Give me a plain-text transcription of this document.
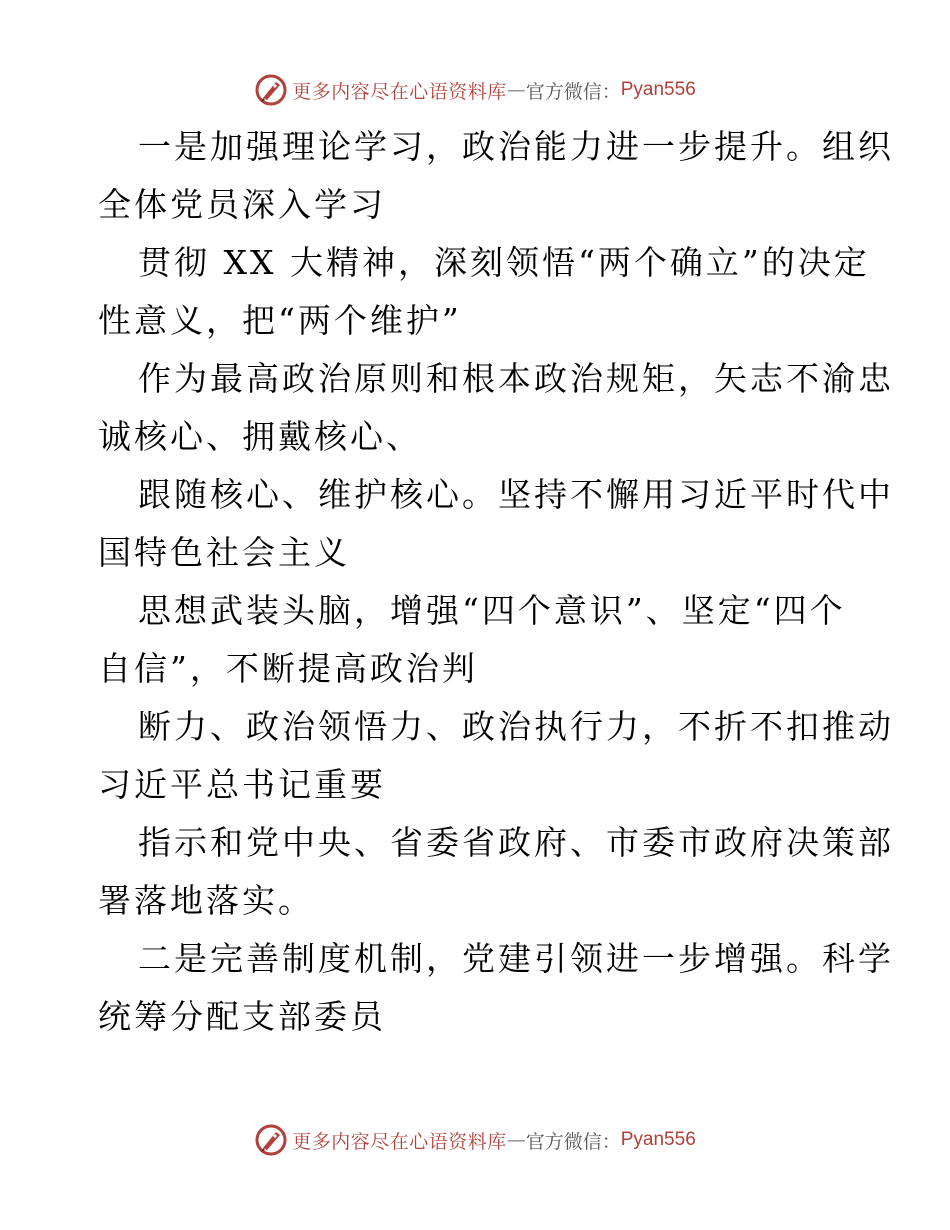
更多内容尽在心语资料库 — 官方微信： Pyan556
一是加强理论学习，政治能力进一步提升。组织
全体党员深入学习
贯彻 XX 大精神，深刻领悟“两个确立”的决定
性意义，把“两个维护”
作为最高政治原则和根本政治规矩，矢志不渝忠
诚核心、拥戴核心、
跟随核心、维护核心。坚持不懈用习近平时代中
国特色社会主义
思想武装头脑，增强“四个意识”、坚定“四个
自信”，不断提高政治判
断力、政治领悟力、政治执行力，不折不扣推动
习近平总书记重要
指示和党中央、省委省政府、市委市政府决策部
署落地落实。
二是完善制度机制，党建引领进一步增强。科学
统筹分配支部委员
更多内容尽在心语资料库 — 官方微信： Pyan556
